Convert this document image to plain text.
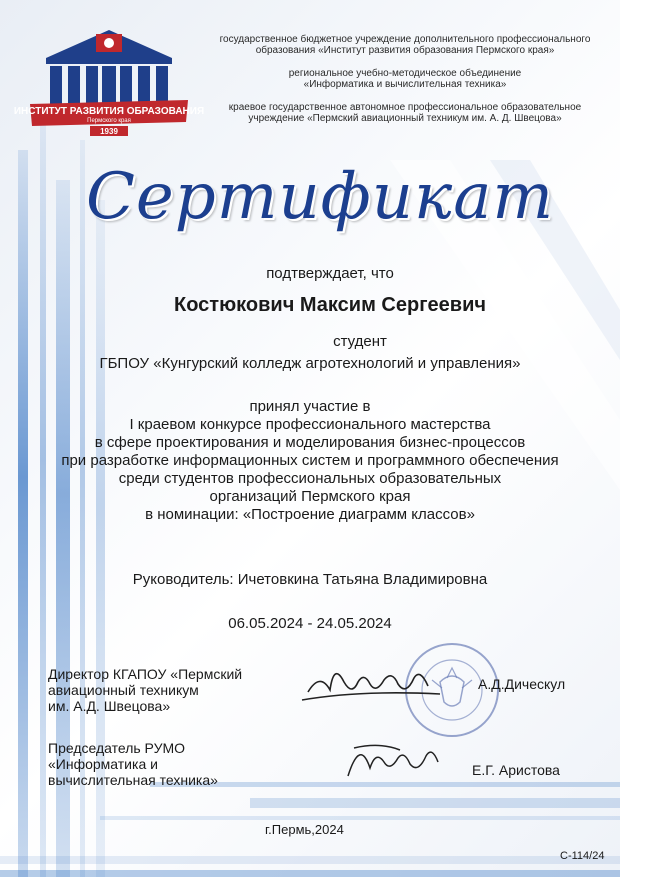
ИНСТИТУТ РАЗВИТИЯ ОБРАЗОВАНИЯ
Пермского края
1939
государственное бюджетное учреждение дополнительного профессионального
образования «Институт развития образования Пермского края»
региональное учебно-методическое объединение
«Информатика и вычислительная техника»
краевое государственное автономное профессиональное образовательное
учреждение «Пермский авиационный техникум им. А. Д. Швецова»
Сертификат
подтверждает, что
Костюкович Максим Сергеевич
студент
ГБПОУ «Кунгурский колледж агротехнологий и управления»
принял участие в
I краевом конкурсе профессионального мастерства
в сфере проектирования и моделирования бизнес-процессов
при разработке информационных систем и программного обеспечения
среди студентов профессиональных образовательных
организаций Пермского края
в номинации: «Построение диаграмм классов»
Руководитель: Ичетовкина Татьяна Владимировна
06.05.2024 - 24.05.2024
Директор КГАПОУ «Пермский
авиационный техникум
им. А.Д. Швецова»
Председатель РУМО
«Информатика и
вычислительная техника»
А.Д.Дическул
Е.Г. Аристова
г.Пермь,2024
С-114/24
